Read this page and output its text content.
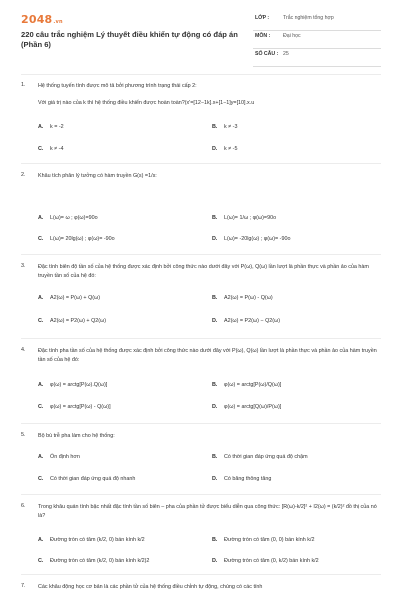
2048.vn
220 câu trắc nghiệm Lý thuyết điều khiển tự động có đáp án (Phần 6)
LỚP :	Trắc nghiệm tổng hợp
MÔN : Đại học
SỐ CÂU : 25
1. Hệ thống tuyến tính được mô tả bởi phương trình trạng thái cấp 2:
Với giá trị nào của k thì hệ thống điều khiển được hoàn toàn?(x'=[12−1k].x+[1−1]y=[10].x.u
A. k = -2	B. k ≠ -3
C. k ≠ -4	D. k ≠ -5
2. Khâu tích phân lý tưởng có hàm truyền G(s) =1/s:
A. L(ω)= ω ; φ(ω)=90o	B. L(ω)= 1/ω ; φ(ω)=90o
C. L(ω)= 20lg(ω) ; φ(ω)= -90o	D. L(ω)= -20lg(ω) ; φ(ω)= -90o
3. Đặc tính biên độ tần số của hệ thống được xác định bởi công thức nào dưới đây với P(ω), Q(ω) lần lượt là phần thực và phần ảo của hàm truyền tần số của hệ đó:
A. A2(ω) = P(ω) + Q(ω)	B. A2(ω) = P(ω) - Q(ω)
C. A2(ω) = P2(ω) + Q2(ω)	D. A2(ω) = P2(ω) − Q2(ω)
4. Đặc tính pha tần số của hệ thống được xác định bởi công thức nào dưới đây với P(ω), Q(ω) lần lượt là phần thực và phần ảo của hàm truyền tần số của hệ đó:
A. φ(ω) = arctg[P(ω).Q(ω)]	B. φ(ω) = arctg[P(ω)/Q(ω)]
C. φ(ω) = arctg[P(ω) - Q(ω)]	D. φ(ω) = arctg[Q(ω)/P(ω)]
5. Bộ bù trễ pha làm cho hệ thống:
A. Ổn định hơn	B. Có thời gian đáp ứng quá độ chậm
C. Có thời gian đáp ứng quá độ nhanh	D. Có băng thông tăng
6. Trong khâu quán tính bậc nhất đặc tính tần số biên – pha của phần tử được biểu diễn qua công thức: [R(ω)-k/2]² + I2(ω) = (k/2)² đồ thị của nó là?
A. Đường tròn có tâm (k/2, 0) bán kính k/2	B. Đường tròn có tâm (0, 0) bán kính k/2
C. Đường tròn có tâm (k/2, 0) bán kính k/2)2	D. Đường tròn có tâm (0, k/2) bán kính k/2
7. Các khâu động học cơ bản là các phần tử của hệ thống điều chỉnh tự động, chúng có các tính
